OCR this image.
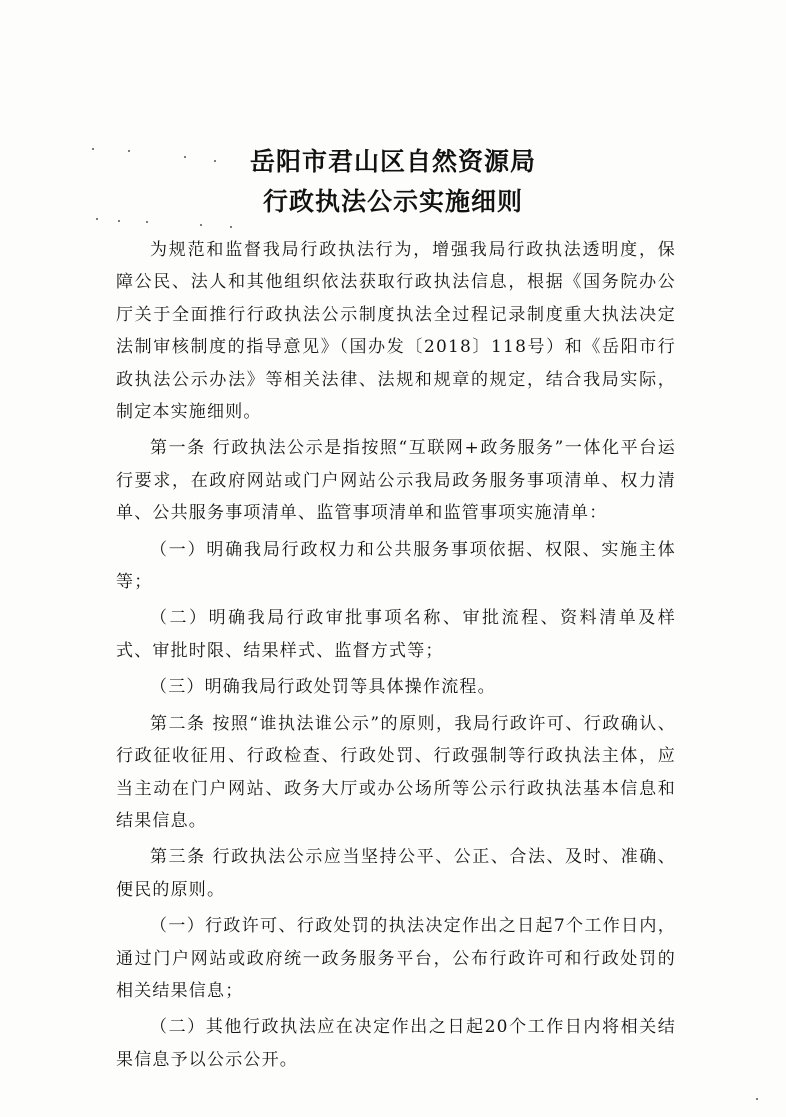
岳阳市君山区自然资源局
行政执法公示实施细则

为规范和监督我局行政执法行为，增强我局行政执法透明度，保障公民、法人和其他组织依法获取行政执法信息，根据《国务院办公厅关于全面推行行政执法公示制度执法全过程记录制度重大执法决定法制审核制度的指导意见》（国办发〔2018〕118号）和《岳阳市行政执法公示办法》等相关法律、法规和规章的规定，结合我局实际，制定本实施细则。

第一条 行政执法公示是指按照“互联网+政务服务”一体化平台运行要求，在政府网站或门户网站公示我局政务服务事项清单、权力清单、公共服务事项清单、监管事项清单和监管事项实施清单：

（一）明确我局行政权力和公共服务事项依据、权限、实施主体等；

（二）明确我局行政审批事项名称、审批流程、资料清单及样式、审批时限、结果样式、监督方式等；

（三）明确我局行政处罚等具体操作流程。

第二条 按照“谁执法谁公示”的原则，我局行政许可、行政确认、行政征收征用、行政检查、行政处罚、行政强制等行政执法主体，应当主动在门户网站、政务大厅或办公场所等公示行政执法基本信息和结果信息。

第三条 行政执法公示应当坚持公平、公正、合法、及时、准确、便民的原则。

（一）行政许可、行政处罚的执法决定作出之日起7个工作日内，通过门户网站或政府统一政务服务平台，公布行政许可和行政处罚的相关结果信息；

（二）其他行政执法应在决定作出之日起20个工作日内将相关结果信息予以公示公开。
